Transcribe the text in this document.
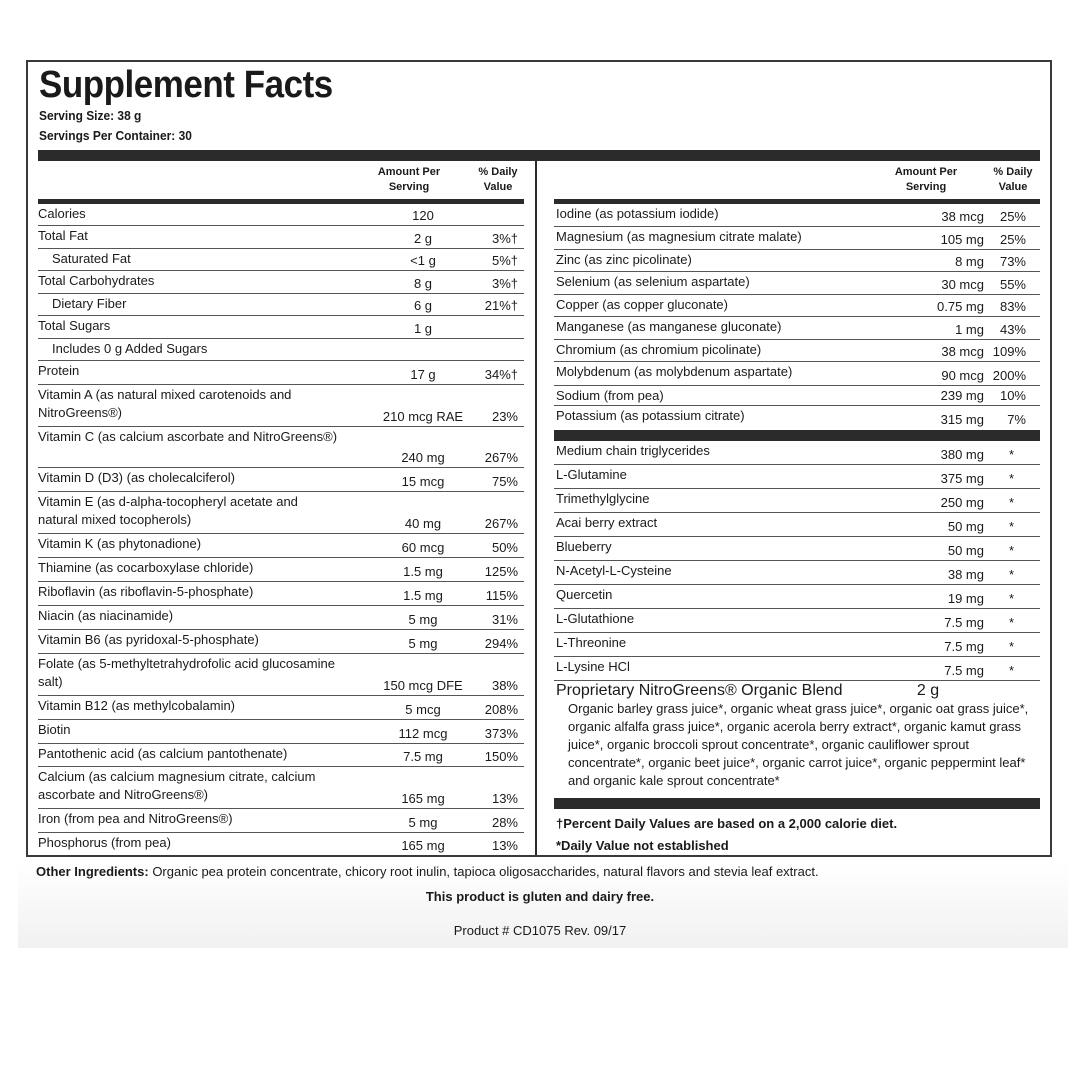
Supplement Facts
Serving Size: 38 g
Servings Per Container: 30
Amount Per
Serving
% Daily
Value
Amount Per
Serving
% Daily
Value
Calories	120
Total Fat	2 g	3%†
Saturated Fat	<1 g	5%†
Total Carbohydrates	8 g	3%†
Dietary Fiber	6 g	21%†
Total Sugars	1 g
Includes 0 g Added Sugars
Protein	17 g	34%†
Vitamin A (as natural mixed carotenoids and NitroGreens®)	210 mcg RAE	23%
Vitamin C (as calcium ascorbate and NitroGreens®)
240 mg	267%
Vitamin D (D3) (as cholecalciferol)	15 mcg	75%
Vitamin E (as d-alpha-tocopheryl acetate and natural mixed tocopherols)	40 mg	267%
Vitamin K (as phytonadione)	60 mcg	50%
Thiamine (as cocarboxylase chloride)	1.5 mg	125%
Riboflavin (as riboflavin-5-phosphate)	1.5 mg	115%
Niacin (as niacinamide)	5 mg	31%
Vitamin B6 (as pyridoxal-5-phosphate)	5 mg	294%
Folate (as 5-methyltetrahydrofolic acid glucosamine salt)	150 mcg DFE	38%
Vitamin B12 (as methylcobalamin)	5 mcg	208%
Biotin	112 mcg	373%
Pantothenic acid (as calcium pantothenate)	7.5 mg	150%
Calcium (as calcium magnesium citrate, calcium ascorbate and NitroGreens®)	165 mg	13%
Iron (from pea and NitroGreens®)	5 mg	28%
Phosphorus (from pea)	165 mg	13%
Iodine (as potassium iodide)	38 mcg	25%
Magnesium (as magnesium citrate malate)	105 mg	25%
Zinc (as zinc picolinate)	8 mg	73%
Selenium (as selenium aspartate)	30 mcg	55%
Copper (as copper gluconate)	0.75 mg	83%
Manganese (as manganese gluconate)	1 mg	43%
Chromium (as chromium picolinate)	38 mcg 109%
Molybdenum (as molybdenum aspartate)	90 mcg 200%
Sodium (from pea)	239 mg	10%
Potassium (as potassium citrate)	315 mg	7%
Medium chain triglycerides	380 mg	*
L-Glutamine	375 mg	*
Trimethylglycine	250 mg	*
Acai berry extract	50 mg	*
Blueberry	50 mg	*
N-Acetyl-L-Cysteine	38 mg	*
Quercetin	19 mg	*
L-Glutathione	7.5 mg	*
L-Threonine	7.5 mg	*
L-Lysine HCl	7.5 mg	*
Proprietary NitroGreens® Organic Blend	2 g
Organic barley grass juice*, organic wheat grass juice*, organic oat grass juice*, organic alfalfa grass juice*, organic acerola berry extract*, organic kamut grass juice*, organic broccoli sprout concentrate*, organic cauliflower sprout concentrate*, organic beet juice*, organic carrot juice*, organic peppermint leaf* and organic kale sprout concentrate*
†Percent Daily Values are based on a 2,000 calorie diet.
*Daily Value not established
Other Ingredients: Organic pea protein concentrate, chicory root inulin, tapioca oligosaccharides, natural flavors and stevia leaf extract.
This product is gluten and dairy free.
Product # CD1075 Rev. 09/17
